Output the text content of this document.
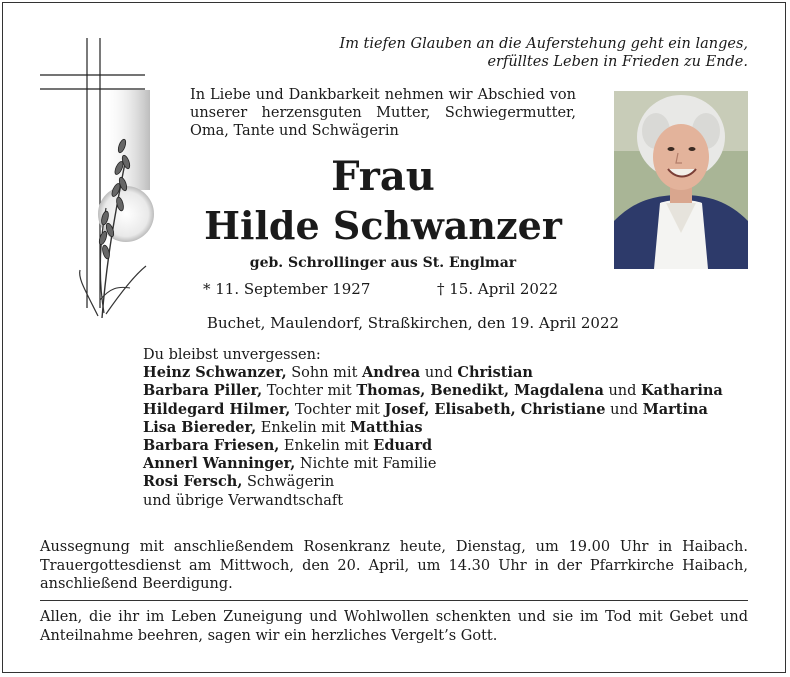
Im tiefen Glauben an die Auferstehung geht ein langes,
erfülltes Leben in Frieden zu Ende.
In Liebe und Dankbarkeit nehmen wir Abschied von unserer herzensguten Mutter, Schwiegermutter, Oma, Tante und Schwägerin
Frau
Hilde Schwanzer
geb. Schrollinger aus St. Englmar
* 11. September 1927	† 15. April 2022
Buchet, Maulendorf, Straßkirchen, den 19. April 2022
Du bleibst unvergessen:
Heinz Schwanzer, Sohn mit Andrea und Christian
Barbara Piller, Tochter mit Thomas, Benedikt, Magdalena und Katharina
Hildegard Hilmer, Tochter mit Josef, Elisabeth, Christiane und Martina
Lisa Biereder, Enkelin mit Matthias
Barbara Friesen, Enkelin mit Eduard
Annerl Wanninger, Nichte mit Familie
Rosi Fersch, Schwägerin
und übrige Verwandtschaft
Aussegnung mit anschließendem Rosenkranz heute, Dienstag, um 19.00 Uhr in Haibach. Trauergottesdienst am Mittwoch, den 20. April, um 14.30 Uhr in der Pfarrkirche Haibach, anschließend Beerdigung.
Allen, die ihr im Leben Zuneigung und Wohlwollen schenkten und sie im Tod mit Gebet und Anteilnahme beehren, sagen wir ein herzliches Vergelt’s Gott.
